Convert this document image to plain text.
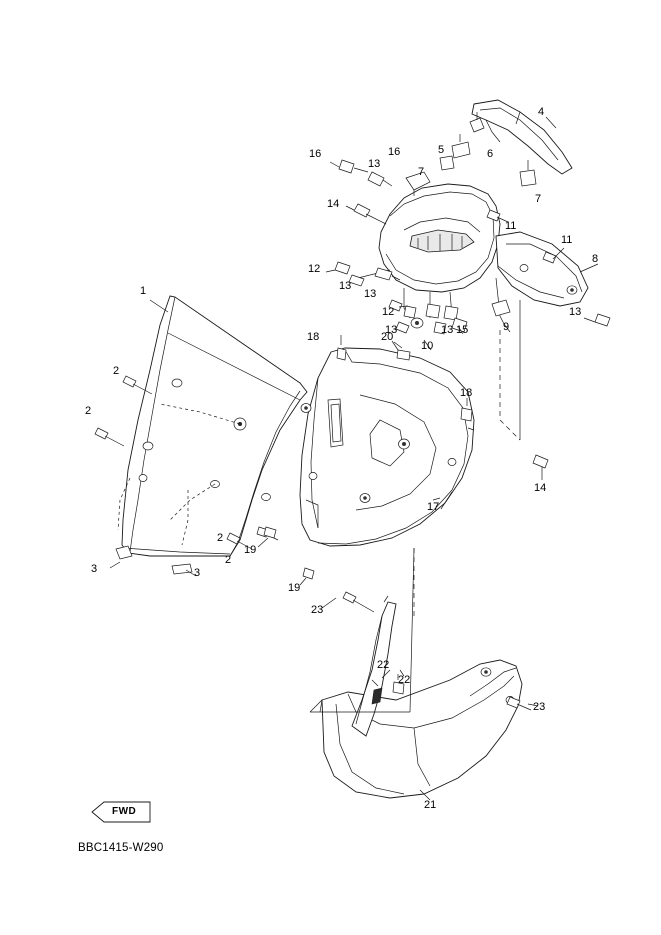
1
2
2
2
2
3	3
4
5	6
7
7
8
9
10
11
11
12
12
13
13
13
13	13
13
14
14
15
16	16
17
18
18
19
19
20
21
22
22
23
23
FWD
BBC1415-W290
